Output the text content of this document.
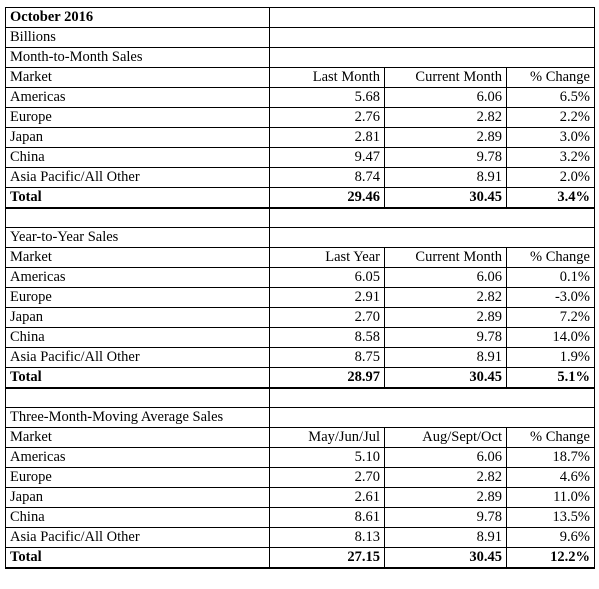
October 2016			
Billions			
Month-to-Month Sales			
Market	Last Month	Current Month	% Change
Americas	5.68	6.06	6.5%
Europe	2.76	2.82	2.2%
Japan	2.81	2.89	3.0%
China	9.47	9.78	3.2%
Asia Pacific/All Other	8.74	8.91	2.0%
Total	29.46	30.45	3.4%

Year-to-Year Sales			
Market	Last Year	Current Month	% Change
Americas	6.05	6.06	0.1%
Europe	2.91	2.82	-3.0%
Japan	2.70	2.89	7.2%
China	8.58	9.78	14.0%
Asia Pacific/All Other	8.75	8.91	1.9%
Total	28.97	30.45	5.1%

Three-Month-Moving Average Sales			
Market	May/Jun/Jul	Aug/Sept/Oct	% Change
Americas	5.10	6.06	18.7%
Europe	2.70	2.82	4.6%
Japan	2.61	2.89	11.0%
China	8.61	9.78	13.5%
Asia Pacific/All Other	8.13	8.91	9.6%
Total	27.15	30.45	12.2%
